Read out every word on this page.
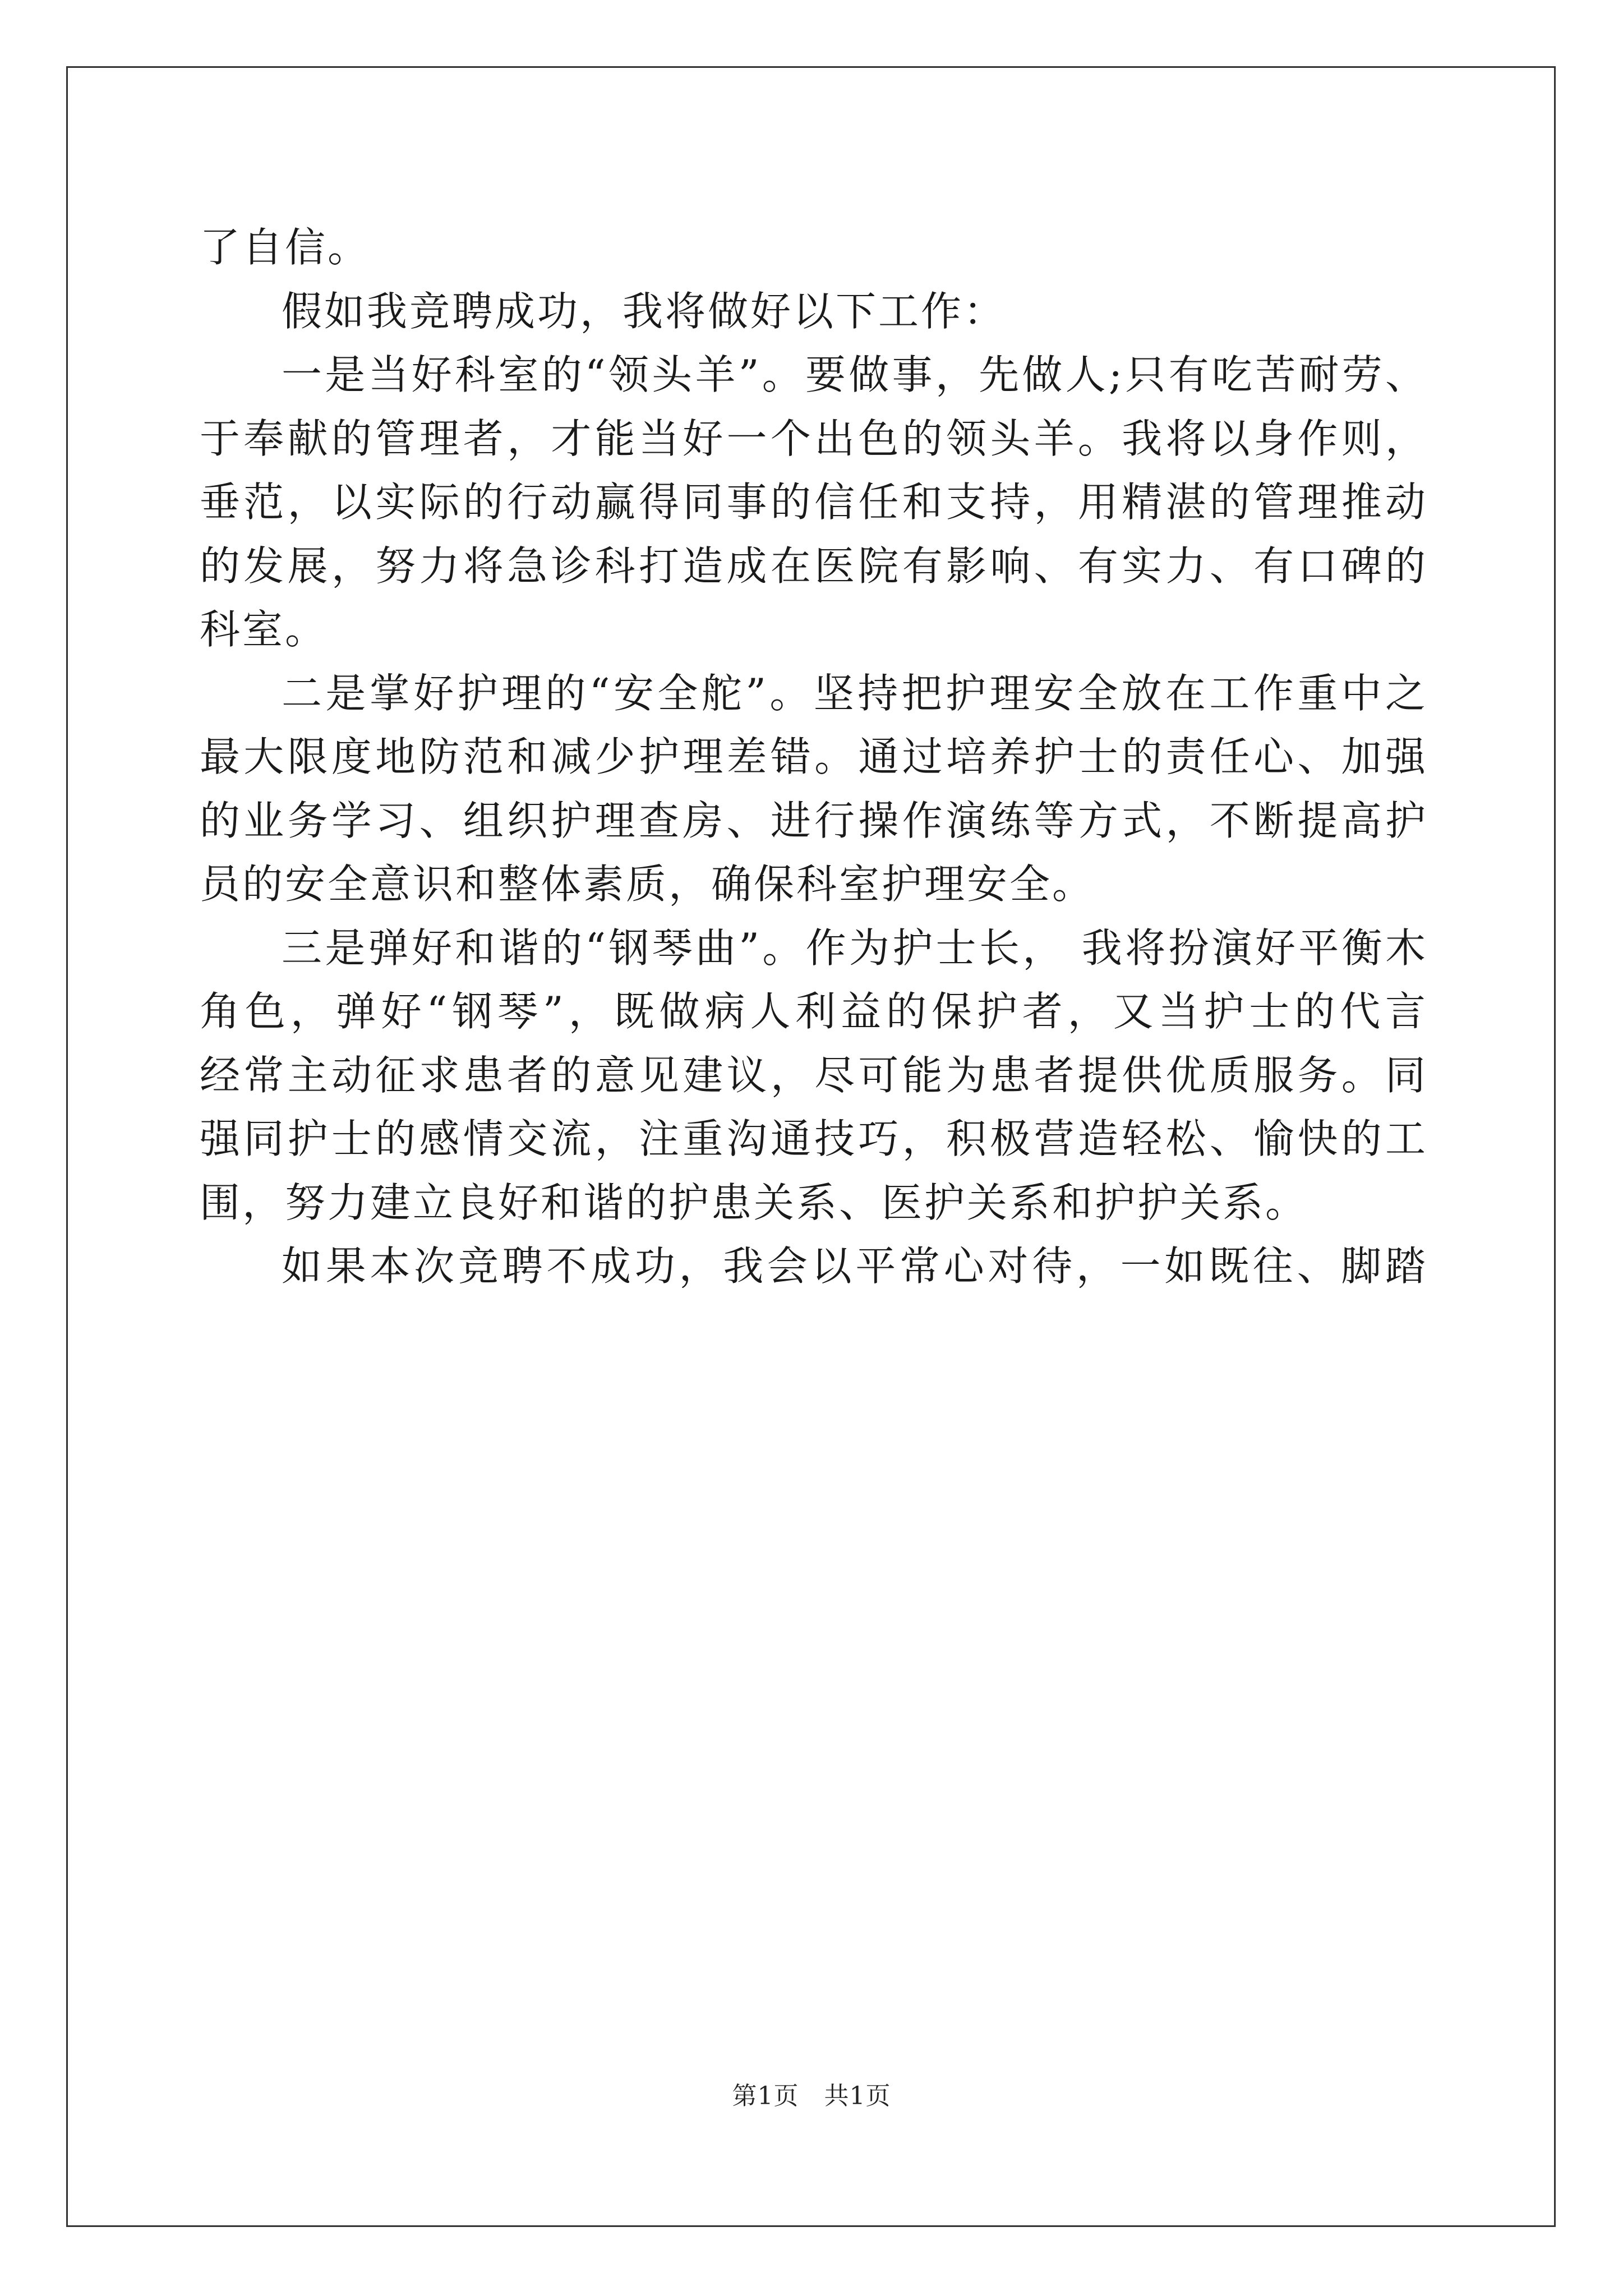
了自信。
假如我竞聘成功，我将做好以下工作：
一是当好科室的“领头羊”。要做事，先做人;只有吃苦耐劳、
于奉献的管理者，才能当好一个出色的领头羊。我将以身作则，
垂范，以实际的行动赢得同事的信任和支持，用精湛的管理推动
的发展，努力将急诊科打造成在医院有影响、有实力、有口碑的
科室。
二是掌好护理的“安全舵”。坚持把护理安全放在工作重中之
最大限度地防范和减少护理差错。通过培养护士的责任心、加强
的业务学习、组织护理查房、进行操作演练等方式，不断提高护
员的安全意识和整体素质，确保科室护理安全。
三是弹好和谐的“钢琴曲”。作为护士长， 我将扮演好平衡木
角色，弹好“钢琴”，既做病人利益的保护者，又当护士的代言
经常主动征求患者的意见建议，尽可能为患者提供优质服务。同
强同护士的感情交流，注重沟通技巧，积极营造轻松、愉快的工
围，努力建立良好和谐的护患关系、医护关系和护护关系。
如果本次竞聘不成功，我会以平常心对待，一如既往、脚踏
第1页 共1页
